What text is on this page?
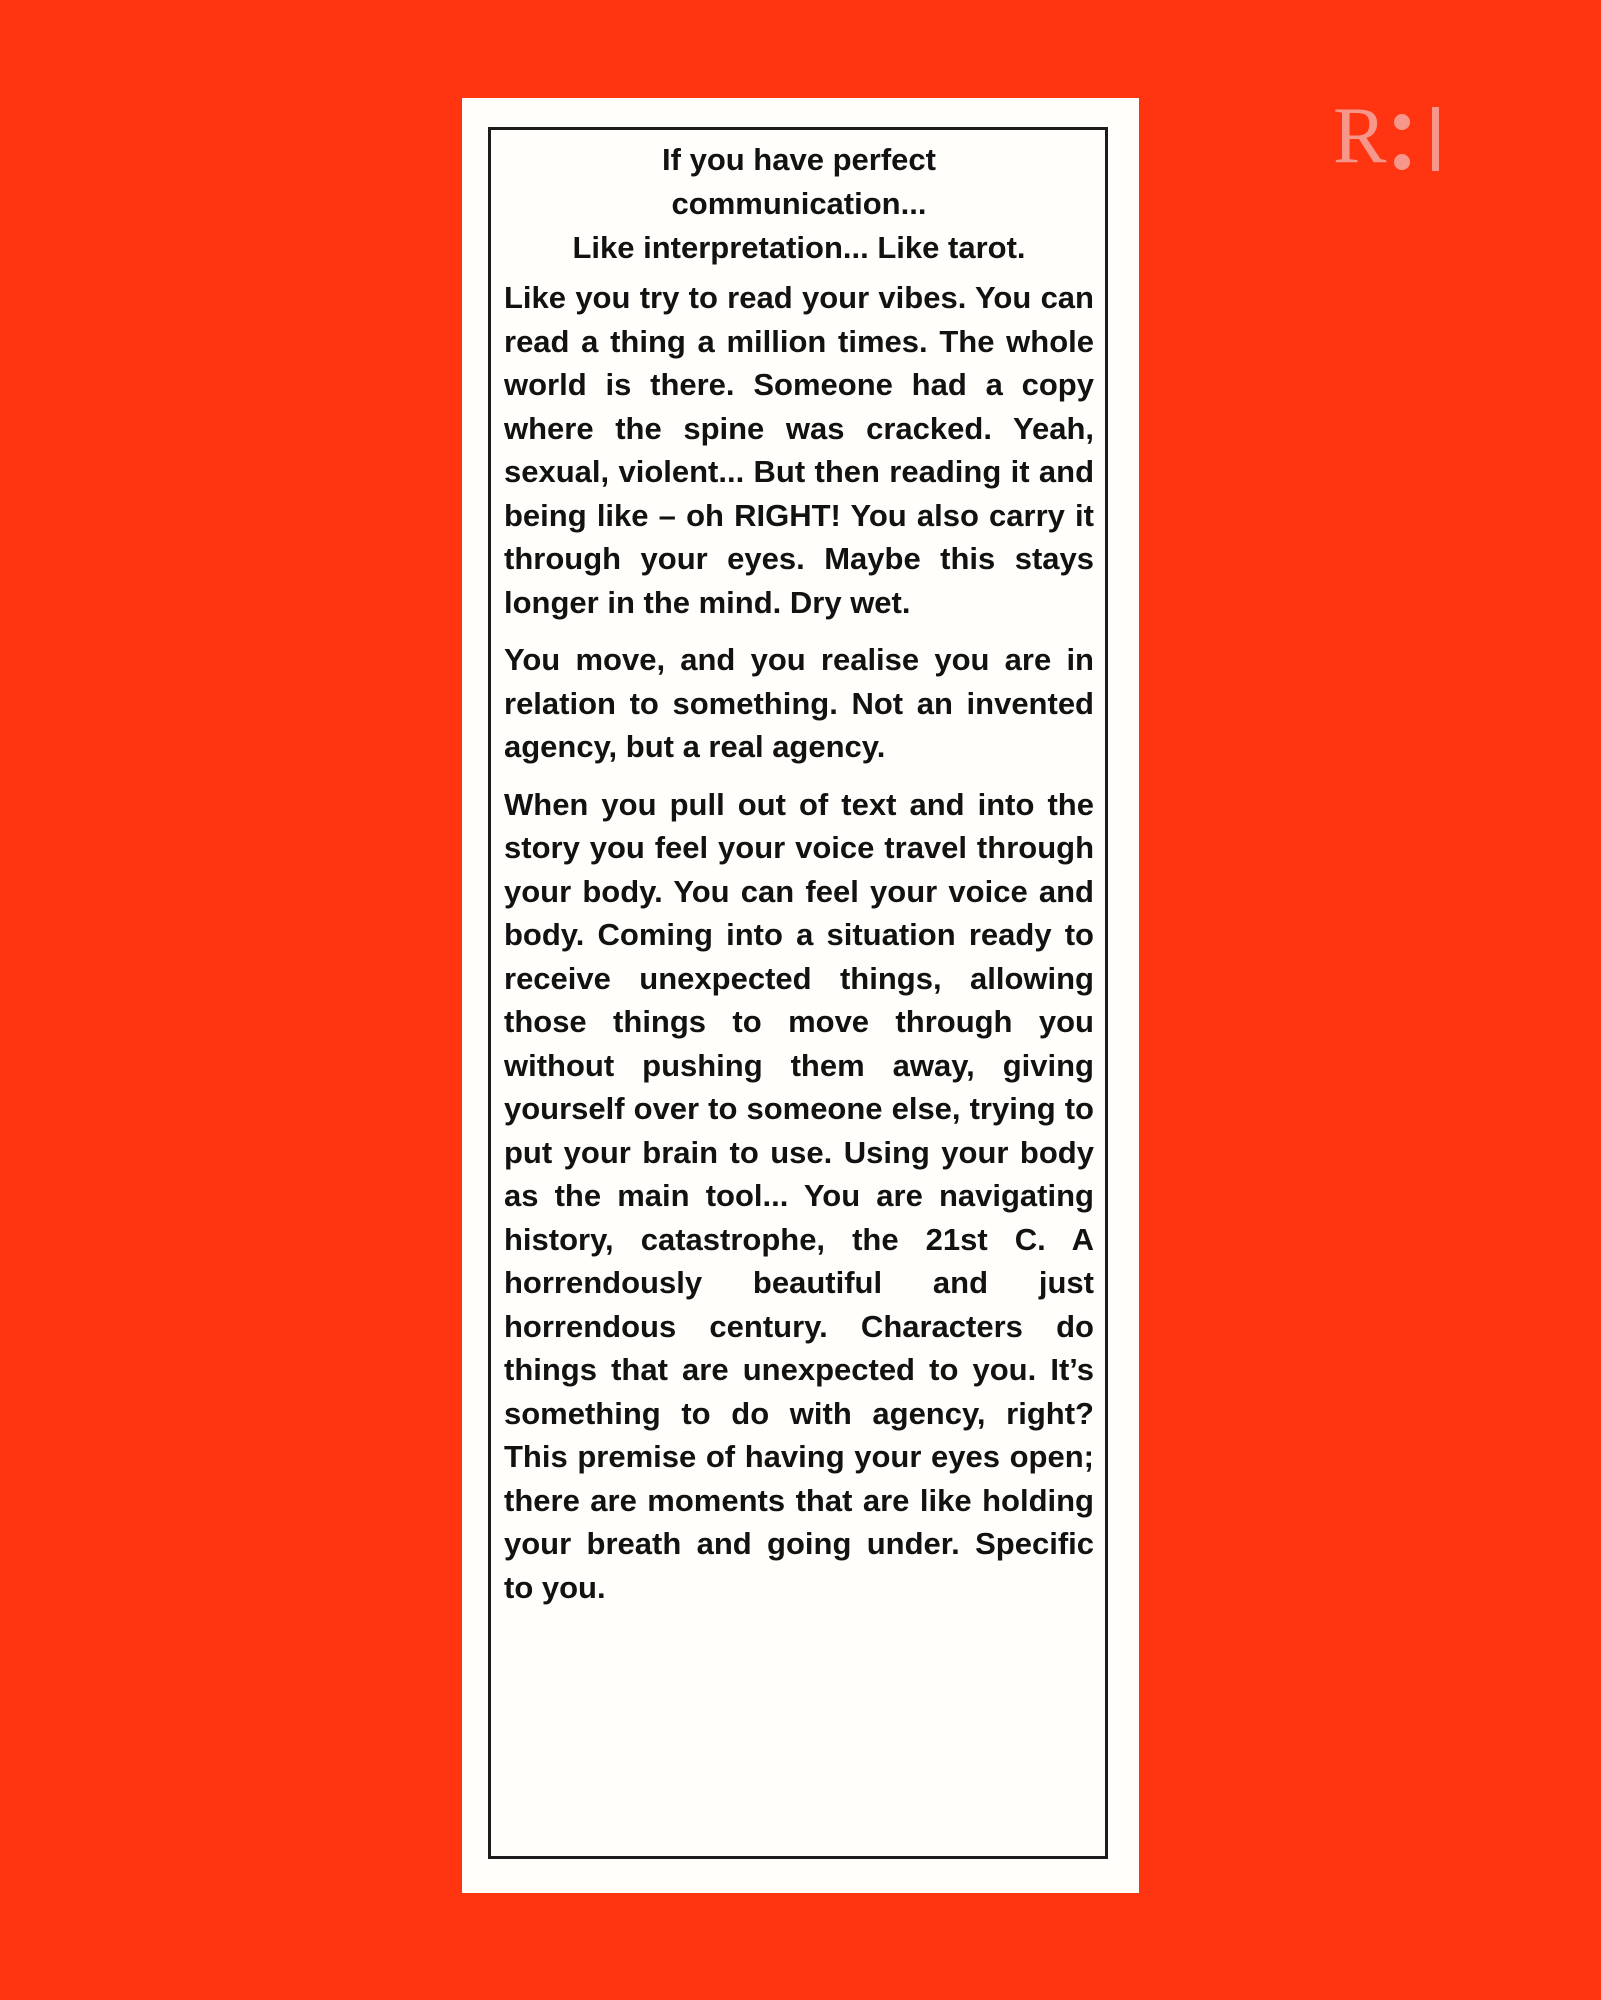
R
If you have perfect
communication...
Like interpretation... Like tarot.

Like you try to read your vibes. You can read a thing a million times. The whole world is there. Someone had a copy where the spine was cracked. Yeah, sexual, violent... But then reading it and being like – oh RIGHT! You also carry it through your eyes. Maybe this stays longer in the mind. Dry wet.

You move, and you realise you are in relation to something. Not an invented agency, but a real agency.

When you pull out of text and into the story you feel your voice travel through your body. You can feel your voice and body. Coming into a situation ready to receive unexpected things, allowing those things to move through you without pushing them away, giving yourself over to someone else, trying to put your brain to use. Using your body as the main tool... You are navigating history, catastrophe, the 21st C. A horrendously beautiful and just horrendous century. Characters do things that are unexpected to you. It’s something to do with agency, right? This premise of having your eyes open; there are moments that are like holding your breath and going under. Specific to you.
